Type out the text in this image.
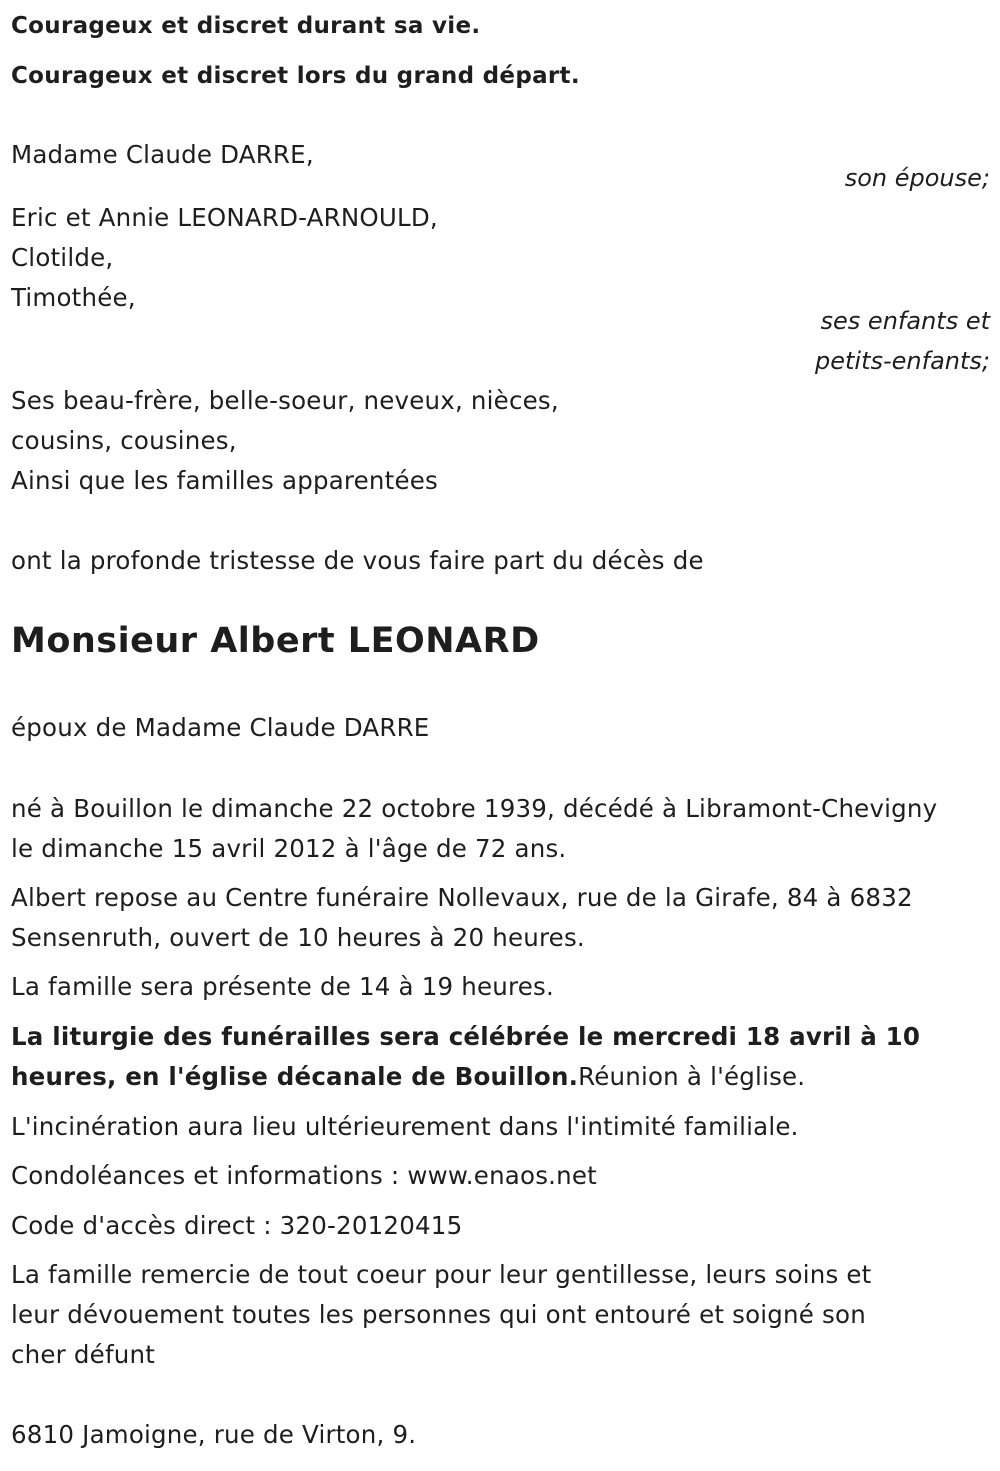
Courageux et discret durant sa vie.
Courageux et discret lors du grand départ.
Madame Claude DARRE,
son épouse;
Eric et Annie LEONARD-ARNOULD,
Clotilde,
Timothée,
ses enfants et
petits-enfants;
Ses beau-frère, belle-soeur, neveux, nièces,
cousins, cousines,
Ainsi que les familles apparentées
ont la profonde tristesse de vous faire part du décès de
Monsieur Albert LEONARD
époux de Madame Claude DARRE
né à Bouillon le dimanche 22 octobre 1939, décédé à Libramont-Chevigny
le dimanche 15 avril 2012 à l'âge de 72 ans.
Albert repose au Centre funéraire Nollevaux, rue de la Girafe, 84 à 6832
Sensenruth, ouvert de 10 heures à 20 heures.
La famille sera présente de 14 à 19 heures.
La liturgie des funérailles sera célébrée le mercredi 18 avril à 10
heures, en l'église décanale de Bouillon.Réunion à l'église.
L'incinération aura lieu ultérieurement dans l'intimité familiale.
Condoléances et informations : www.enaos.net
Code d'accès direct : 320-20120415
La famille remercie de tout coeur pour leur gentillesse, leurs soins et
leur dévouement toutes les personnes qui ont entouré et soigné son
cher défunt
6810 Jamoigne, rue de Virton, 9.
